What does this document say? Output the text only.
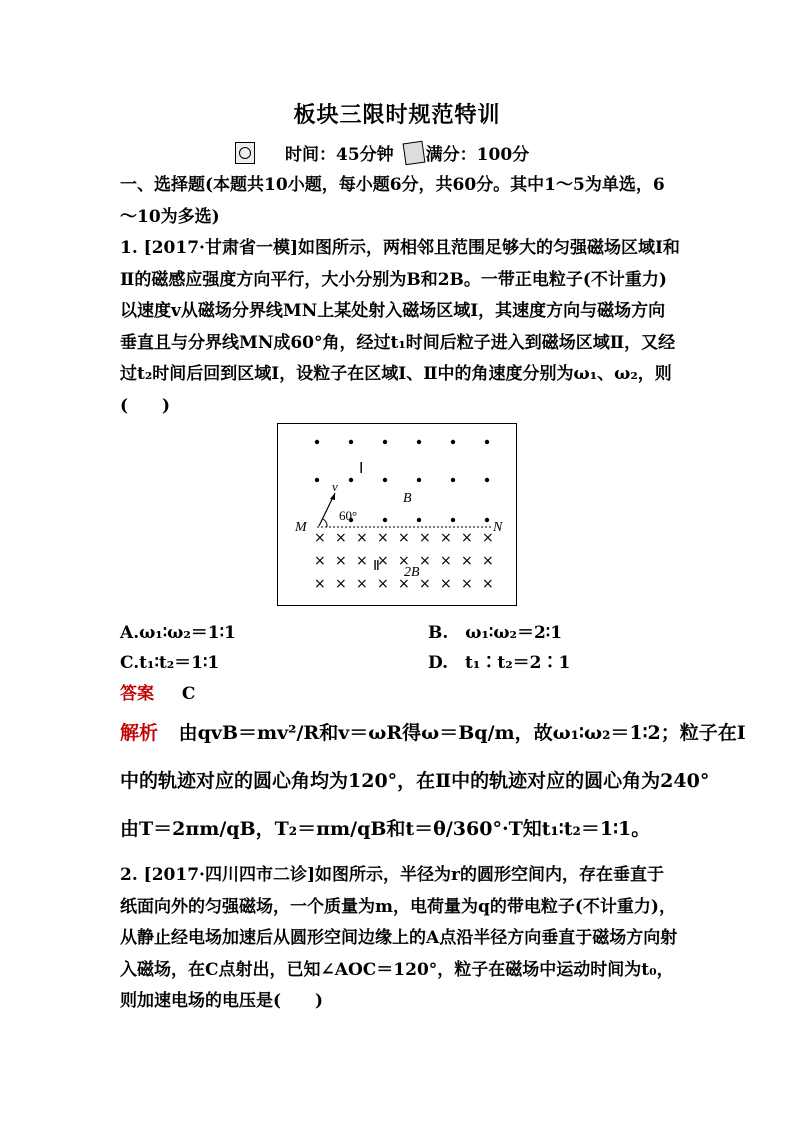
板块三限时规范特训
时间：45分钟 满分：100分
一、选择题(本题共10小题，每小题6分，共60分。其中1～5为单选，6～10为多选)
1. [2017·甘肃省一模]如图所示，两相邻且范围足够大的匀强磁场区域Ⅰ和Ⅱ的磁感应强度方向平行，大小分别为B和2B。一带正电粒子(不计重力)以速度v从磁场分界线MN上某处射入磁场区域Ⅰ，其速度方向与磁场方向垂直且与分界线MN成60°角，经过t₁时间后粒子进入到磁场区域Ⅱ，又经过t₂时间后回到区域Ⅰ，设粒子在区域Ⅰ、Ⅱ中的角速度分别为ω₁、ω₂，则(　　)
× × × × × × × × ×
× × × × × × × × ×
× × × × × × × × ×
M	N
Ⅰ
B
v
60°
Ⅱ 2B
A.ω₁∶ω₂＝1∶1	B.　ω₁∶ω₂＝2∶1
C.t₁∶t₂＝1∶1	D.　t₁∶t₂＝2∶1
答案 C
解析 由qvB＝mv²/R和v＝ωR得ω＝Bq/m，故ω₁∶ω₂＝1∶2；粒子在Ⅰ
中的轨迹对应的圆心角均为120°，在Ⅱ中的轨迹对应的圆心角为240°
由T＝2πm/qB，T₂＝πm/qB和t＝θ/360°·T知t₁∶t₂＝1∶1。
2. [2017·四川四市二诊]如图所示，半径为r的圆形空间内，存在垂直于纸面向外的匀强磁场，一个质量为m，电荷量为q的带电粒子(不计重力)，从静止经电场加速后从圆形空间边缘上的A点沿半径方向垂直于磁场方向射入磁场，在C点射出，已知∠AOC＝120°，粒子在磁场中运动时间为t₀，则加速电场的电压是(　　)
